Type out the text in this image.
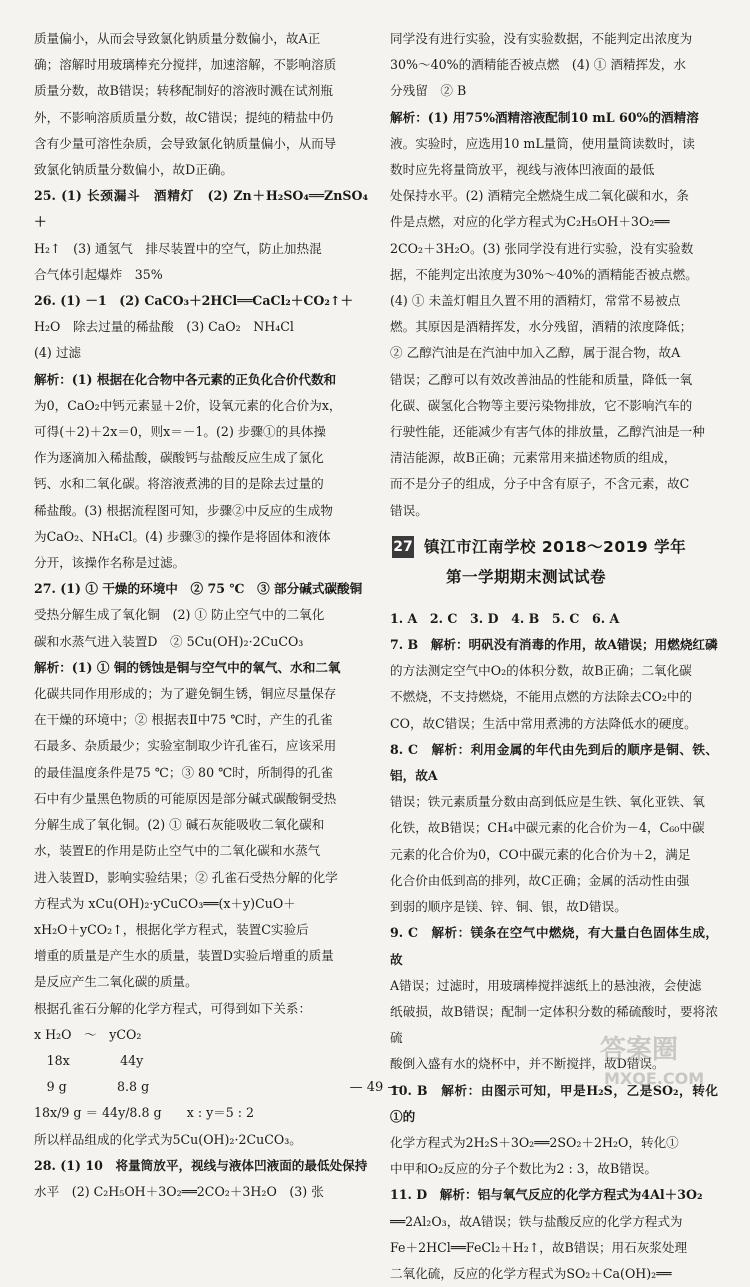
质量偏小，从而会导致氯化钠质量分数偏小，故A正

确；溶解时用玻璃棒充分搅拌，加速溶解，不影响溶质

质量分数，故B错误；转移配制好的溶液时溅在试剂瓶

外，不影响溶质质量分数，故C错误；提纯的精盐中仍

含有少量可溶性杂质，会导致氯化钠质量偏小，从而导

致氯化钠质量分数偏小，故D正确。

25. (1) 长颈漏斗　酒精灯　(2) Zn＋H₂SO₄══ZnSO₄＋

H₂↑　(3) 通氢气　排尽装置中的空气，防止加热混

合气体引起爆炸　35%

26. (1) －1　(2) CaCO₃＋2HCl══CaCl₂＋CO₂↑＋

H₂O　除去过量的稀盐酸　(3) CaO₂　NH₄Cl

(4) 过滤

解析：(1) 根据在化合物中各元素的正负化合价代数和

为0，CaO₂中钙元素显＋2价，设氧元素的化合价为x，

可得(＋2)＋2x＝0，则x＝－1。(2) 步骤①的具体操

作为逐滴加入稀盐酸，碳酸钙与盐酸反应生成了氯化

钙、水和二氧化碳。将溶液煮沸的目的是除去过量的

稀盐酸。(3) 根据流程图可知，步骤②中反应的生成物

为CaO₂、NH₄Cl。(4) 步骤③的操作是将固体和液体

分开，该操作名称是过滤。

27. (1) ① 干燥的环境中　② 75 ℃　③ 部分碱式碳酸铜

受热分解生成了氧化铜　(2) ① 防止空气中的二氧化

碳和水蒸气进入装置D　② 5Cu(OH)₂·2CuCO₃

解析：(1) ① 铜的锈蚀是铜与空气中的氧气、水和二氧

化碳共同作用形成的；为了避免铜生锈，铜应尽量保存

在干燥的环境中；② 根据表Ⅱ中75 ℃时，产生的孔雀

石最多、杂质最少；实验室制取少许孔雀石，应该采用

的最佳温度条件是75 ℃；③ 80 ℃时，所制得的孔雀

石中有少量黑色物质的可能原因是部分碱式碳酸铜受热

分解生成了氧化铜。(2) ① 碱石灰能吸收二氧化碳和

水，装置E的作用是防止空气中的二氧化碳和水蒸气

进入装置D，影响实验结果；② 孔雀石受热分解的化学

方程式为 xCu(OH)₂·yCuCO₃══(x＋y)CuO＋

xH₂O＋yCO₂↑，根据化学方程式，装置C实验后

增重的质量是产生水的质量，装置D实验后增重的质量

是反应产生二氧化碳的质量。

根据孔雀石分解的化学方程式，可得到如下关系：

x H₂O　～　yCO₂

　18x　　　　44y

　9 g　　　　8.8 g

18x/9 g ＝ 44y/8.8 g　　x : y＝5 : 2

所以样品组成的化学式为5Cu(OH)₂·2CuCO₃。

28. (1) 10　将量筒放平，视线与液体凹液面的最低处保持

水平　(2) C₂H₅OH＋3O₂══2CO₂＋3H₂O　(3) 张

同学没有进行实验，没有实验数据，不能判定出浓度为

30%～40%的酒精能否被点燃　(4) ① 酒精挥发，水

分残留　② B

解析：(1) 用75%酒精溶液配制10 mL 60%的酒精溶

液。实验时，应选用10 mL量筒，使用量筒读数时，读

数时应先将量筒放平，视线与液体凹液面的最低

处保持水平。(2) 酒精完全燃烧生成二氧化碳和水，条

件是点燃，对应的化学方程式为C₂H₅OH＋3O₂══

2CO₂＋3H₂O。(3) 张同学没有进行实验，没有实验数

据，不能判定出浓度为30%～40%的酒精能否被点燃。

(4) ① 未盖灯帽且久置不用的酒精灯，常常不易被点

燃。其原因是酒精挥发，水分残留，酒精的浓度降低；

② 乙醇汽油是在汽油中加入乙醇，属于混合物，故A

错误；乙醇可以有效改善油品的性能和质量，降低一氧

化碳、碳氢化合物等主要污染物排放，它不影响汽车的

行驶性能，还能减少有害气体的排放量，乙醇汽油是一种

清洁能源，故B正确；元素常用来描述物质的组成，

而不是分子的组成，分子中含有原子，不含元素，故C

错误。

27 镇江市江南学校 2018～2019 学年
第一学期期末测试试卷

1. A　2. C　3. D　4. B　5. C　6. A

7. B　解析：明矾没有消毒的作用，故A错误；用燃烧红磷

的方法测定空气中O₂的体积分数，故B正确；二氧化碳

不燃烧，不支持燃烧，不能用点燃的方法除去CO₂中的

CO，故C错误；生活中常用煮沸的方法降低水的硬度。

8. C　解析：利用金属的年代由先到后的顺序是铜、铁、铝，故A

错误；铁元素质量分数由高到低应是生铁、氧化亚铁、氧

化铁，故B错误；CH₄中碳元素的化合价为－4，C₆₀中碳

元素的化合价为0，CO中碳元素的化合价为＋2，满足

化合价由低到高的排列，故C正确；金属的活动性由强

到弱的顺序是镁、锌、铜、银，故D错误。

9. C　解析：镁条在空气中燃烧，有大量白色固体生成，故

A错误；过滤时，用玻璃棒搅拌滤纸上的悬浊液，会使滤

纸破损，故B错误；配制一定体积分数的稀硫酸时，要将浓硫

酸倒入盛有水的烧杯中，并不断搅拌，故D错误。

10. B　解析：由图示可知，甲是H₂S，乙是SO₂，转化①的

化学方程式为2H₂S＋3O₂══2SO₂＋2H₂O，转化①

中甲和O₂反应的分子个数比为2 : 3，故B错误。

11. D　解析：铝与氧气反应的化学方程式为4Al＋3O₂

══2Al₂O₃，故A错误；铁与盐酸反应的化学方程式为

Fe＋2HCl══FeCl₂＋H₂↑，故B错误；用石灰浆处理

二氧化硫，反应的化学方程式为SO₂＋Ca(OH)₂══

— 49 —
答案圈
MXQE.COM
